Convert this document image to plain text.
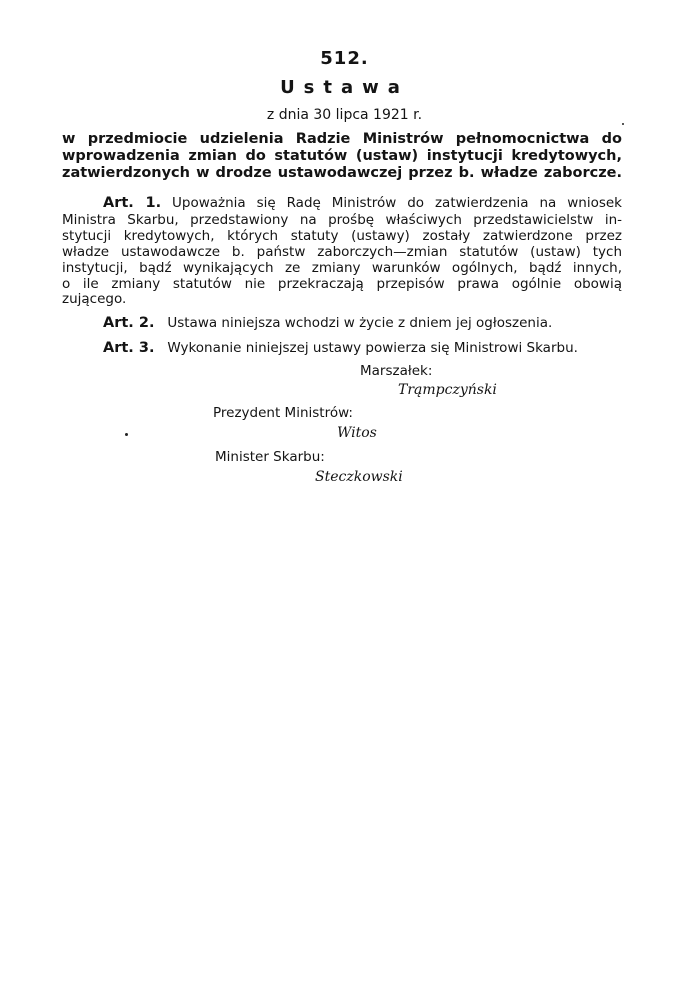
512.
Ustawa
z dnia 30 lipca 1921 r.
w przedmiocie udzielenia Radzie Ministrów pełnomocnictwa do
wprowadzenia zmian do statutów (ustaw) instytucji kredytowych,
zatwierdzonych w drodze ustawodawczej przez b. władze zaborcze.
Art. 1. Upoważnia się Radę Ministrów do zatwierdzenia na wniosek
Ministra Skarbu, przedstawiony na prośbę właściwych przedstawicielstw in-
stytucji kredytowych, których statuty (ustawy) zostały zatwierdzone przez
władze ustawodawcze b. państw zaborczych—zmian statutów (ustaw) tych
instytucji, bądź wynikających ze zmiany warunków ogólnych, bądź innych,
o ile zmiany statutów nie przekraczają przepisów prawa ogólnie obowią
zującego.
Art. 2. Ustawa niniejsza wchodzi w życie z dniem jej ogłoszenia.
Art. 3. Wykonanie niniejszej ustawy powierza się Ministrowi Skarbu.
Marszałek:
Trąmpczyński
Prezydent Ministrów:
Witos
Minister Skarbu:
Steczkowski
